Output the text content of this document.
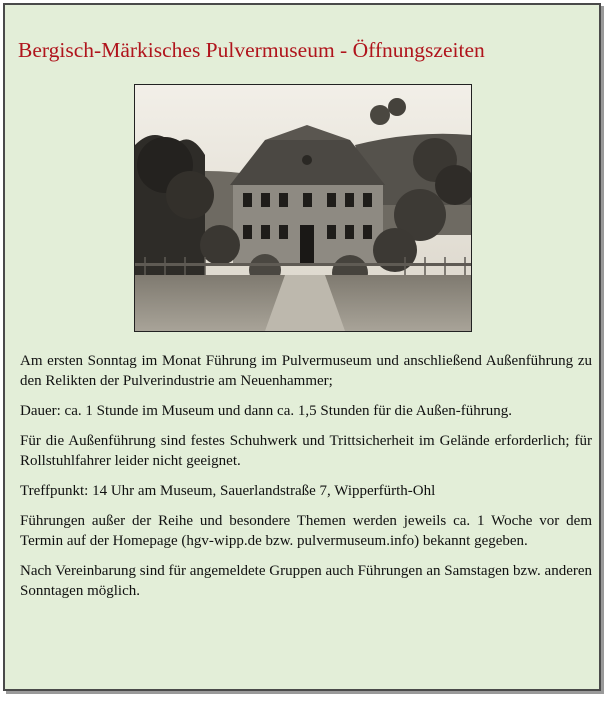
Bergisch-Märkisches Pulvermuseum - Öffnungszeiten

Am ersten Sonntag im Monat Führung im Pulvermuseum und anschließend Außenführung zu den Relikten der Pulverindustrie am Neuenhammer;

Dauer: ca. 1 Stunde im Museum und dann ca. 1,5 Stunden für die Außen-führung.

Für die Außenführung sind festes Schuhwerk und Trittsicherheit im Gelände erforderlich; für Rollstuhlfahrer leider nicht geeignet.

Treffpunkt: 14 Uhr am Museum, Sauerlandstraße 7, Wipperfürth-Ohl

Führungen außer der Reihe und besondere Themen werden jeweils ca. 1 Woche vor dem Termin auf der Homepage (hgv-wipp.de bzw. pulvermuseum.info) bekannt gegeben.

Nach Vereinbarung sind für angemeldete Gruppen auch Führungen an Samstagen bzw. anderen Sonntagen möglich.
